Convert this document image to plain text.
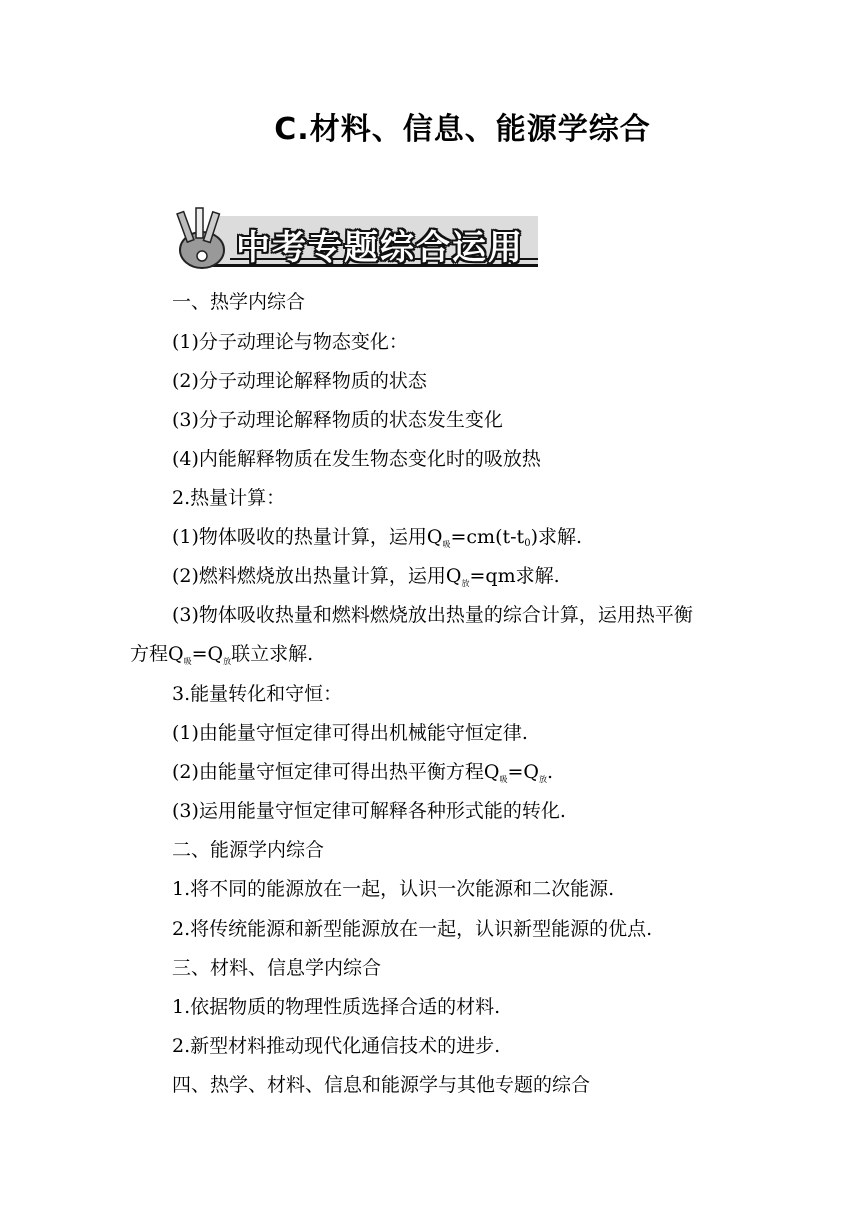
C.材料、信息、能源学综合
中考专题综合运用
一、热学内综合
(1)分子动理论与物态变化：
(2)分子动理论解释物质的状态
(3)分子动理论解释物质的状态发生变化
(4)内能解释物质在发生物态变化时的吸放热
2.热量计算：
(1)物体吸收的热量计算，运用$Q_吸=cm(t-t_0)$求解.
(2)燃料燃烧放出热量计算，运用$Q_放=qm$求解.
(3)物体吸收热量和燃料燃烧放出热量的综合计算，运用热平衡
方程$Q_吸=Q_放$联立求解.
3.能量转化和守恒：
(1)由能量守恒定律可得出机械能守恒定律.
(2)由能量守恒定律可得出热平衡方程$Q_吸=Q_放$.
(3)运用能量守恒定律可解释各种形式能的转化.
二、能源学内综合
1.将不同的能源放在一起，认识一次能源和二次能源.
2.将传统能源和新型能源放在一起，认识新型能源的优点.
三、材料、信息学内综合
1.依据物质的物理性质选择合适的材料.
2.新型材料推动现代化通信技术的进步.
四、热学、材料、信息和能源学与其他专题的综合
